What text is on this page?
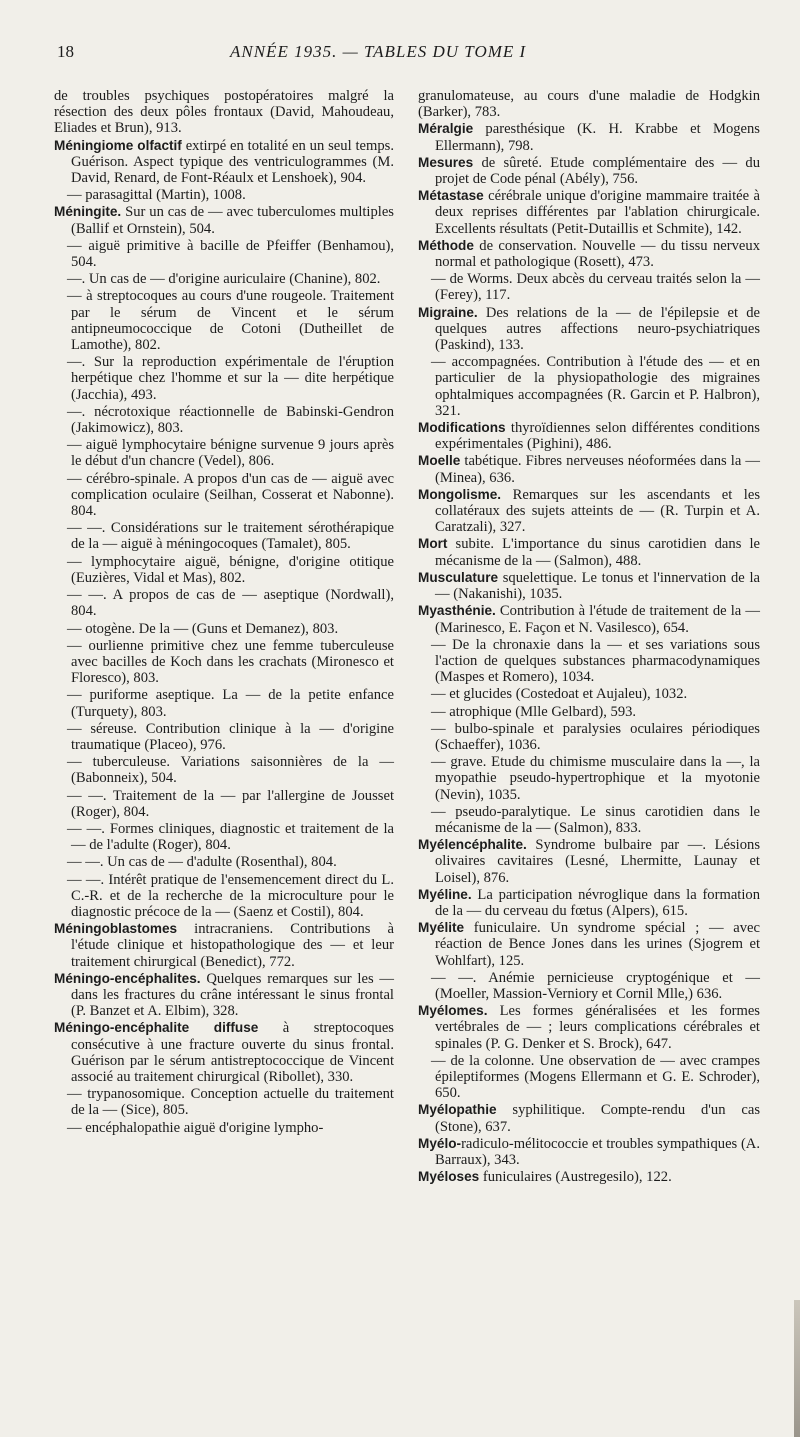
18	ANNÉE 1935. — TABLES DU TOME I
de troubles psychiques postopératoires malgré la résection des deux pôles frontaux (David, Mahoudeau, Eliades et Brun), 913.
Méningiome olfactif extirpé en totalité en un seul temps. Guérison. Aspect typique des ventriculogrammes (M. David, Renard, de Font-Réaulx et Lenshoek), 904.
— parasagittal (Martin), 1008.
Méningite. Sur un cas de — avec tuberculomes multiples (Ballif et Ornstein), 504.
— aiguë primitive à bacille de Pfeiffer (Benhamou), 504.
—. Un cas de — d'origine auriculaire (Chanine), 802.
— à streptocoques au cours d'une rougeole. Traitement par le sérum de Vincent et le sérum antipneumococcique de Cotoni (Dutheillet de Lamothe), 802.
—. Sur la reproduction expérimentale de l'éruption herpétique chez l'homme et sur la — dite herpétique (Jacchia), 493.
—. nécrotoxique réactionnelle de Babinski-Gendron (Jakimowicz), 803.
— aiguë lymphocytaire bénigne survenue 9 jours après le début d'un chancre (Vedel), 806.
— cérébro-spinale. A propos d'un cas de — aiguë avec complication oculaire (Seilhan, Cosserat et Nabonne). 804.
— —. Considérations sur le traitement sérothérapique de la — aiguë à méningocoques (Tamalet), 805.
— lymphocytaire aiguë, bénigne, d'origine otitique (Euzières, Vidal et Mas), 802.
— —. A propos de cas de — aseptique (Nordwall), 804.
— otogène. De la — (Guns et Demanez), 803.
— ourlienne primitive chez une femme tuberculeuse avec bacilles de Koch dans les crachats (Mironesco et Floresco), 803.
— puriforme aseptique. La — de la petite enfance (Turquety), 803.
— séreuse. Contribution clinique à la — d'origine traumatique (Placeo), 976.
— tuberculeuse. Variations saisonnières de la — (Babonneix), 504.
— —. Traitement de la — par l'allergine de Jousset (Roger), 804.
— —. Formes cliniques, diagnostic et traitement de la — de l'adulte (Roger), 804.
— —. Un cas de — d'adulte (Rosenthal), 804.
— —. Intérêt pratique de l'ensemencement direct du L. C.-R. et de la recherche de la microculture pour le diagnostic précoce de la — (Saenz et Costil), 804.
Méningoblastomes intracraniens. Contributions à l'étude clinique et histopathologique des — et leur traitement chirurgical (Benedict), 772.
Méningo-encéphalites. Quelques remarques sur les — dans les fractures du crâne intéressant le sinus frontal (P. Banzet et A. Elbim), 328.
Méningo-encéphalite diffuse à streptocoques consécutive à une fracture ouverte du sinus frontal. Guérison par le sérum antistreptococcique de Vincent associé au traitement chirurgical (Ribollet), 330.
— trypanosomique. Conception actuelle du traitement de la — (Sice), 805.
— encéphalopathie aiguë d'origine lympho-
granulomateuse, au cours d'une maladie de Hodgkin (Barker), 783.
Méralgie paresthésique (K. H. Krabbe et Mogens Ellermann), 798.
Mesures de sûreté. Etude complémentaire des — du projet de Code pénal (Abély), 756.
Métastase cérébrale unique d'origine mammaire traitée à deux reprises différentes par l'ablation chirurgicale. Excellents résultats (Petit-Dutaillis et Schmite), 142.
Méthode de conservation. Nouvelle — du tissu nerveux normal et pathologique (Rosett), 473.
— de Worms. Deux abcès du cerveau traités selon la — (Ferey), 117.
Migraine. Des relations de la — de l'épilepsie et de quelques autres affections neuro-psychiatriques (Paskind), 133.
— accompagnées. Contribution à l'étude des — et en particulier de la physiopathologie des migraines ophtalmiques accompagnées (R. Garcin et P. Halbron), 321.
Modifications thyroïdiennes selon différentes conditions expérimentales (Pighini), 486.
Moelle tabétique. Fibres nerveuses néoformées dans la — (Minea), 636.
Mongolisme. Remarques sur les ascendants et les collatéraux des sujets atteints de — (R. Turpin et A. Caratzali), 327.
Mort subite. L'importance du sinus carotidien dans le mécanisme de la — (Salmon), 488.
Musculature squelettique. Le tonus et l'innervation de la — (Nakanishi), 1035.
Myasthénie. Contribution à l'étude de traitement de la — (Marinesco, E. Façon et N. Vasilesco), 654.
— De la chronaxie dans la — et ses variations sous l'action de quelques substances pharmacodynamiques (Maspes et Romero), 1034.
— et glucides (Costedoat et Aujaleu), 1032.
— atrophique (Mlle Gelbard), 593.
— bulbo-spinale et paralysies oculaires périodiques (Schaeffer), 1036.
— grave. Etude du chimisme musculaire dans la —, la myopathie pseudo-hypertrophique et la myotonie (Nevin), 1035.
— pseudo-paralytique. Le sinus carotidien dans le mécanisme de la — (Salmon), 833.
Myélencéphalite. Syndrome bulbaire par —. Lésions olivaires cavitaires (Lesné, Lhermitte, Launay et Loisel), 876.
Myéline. La participation névroglique dans la formation de la — du cerveau du fœtus (Alpers), 615.
Myélite funiculaire. Un syndrome spécial ; — avec réaction de Bence Jones dans les urines (Sjogrem et Wohlfart), 125.
— —. Anémie pernicieuse cryptogénique et — (Moeller, Massion-Verniory et Cornil Mlle,) 636.
Myélomes. Les formes généralisées et les formes vertébrales de — ; leurs complications cérébrales et spinales (P. G. Denker et S. Brock), 647.
— de la colonne. Une observation de — avec crampes épileptiformes (Mogens Ellermann et G. E. Schroder), 650.
Myélopathie syphilitique. Compte-rendu d'un cas (Stone), 637.
Myélo-radiculo-mélitococcie et troubles sympathiques (A. Barraux), 343.
Myéloses funiculaires (Austregesilo), 122.
